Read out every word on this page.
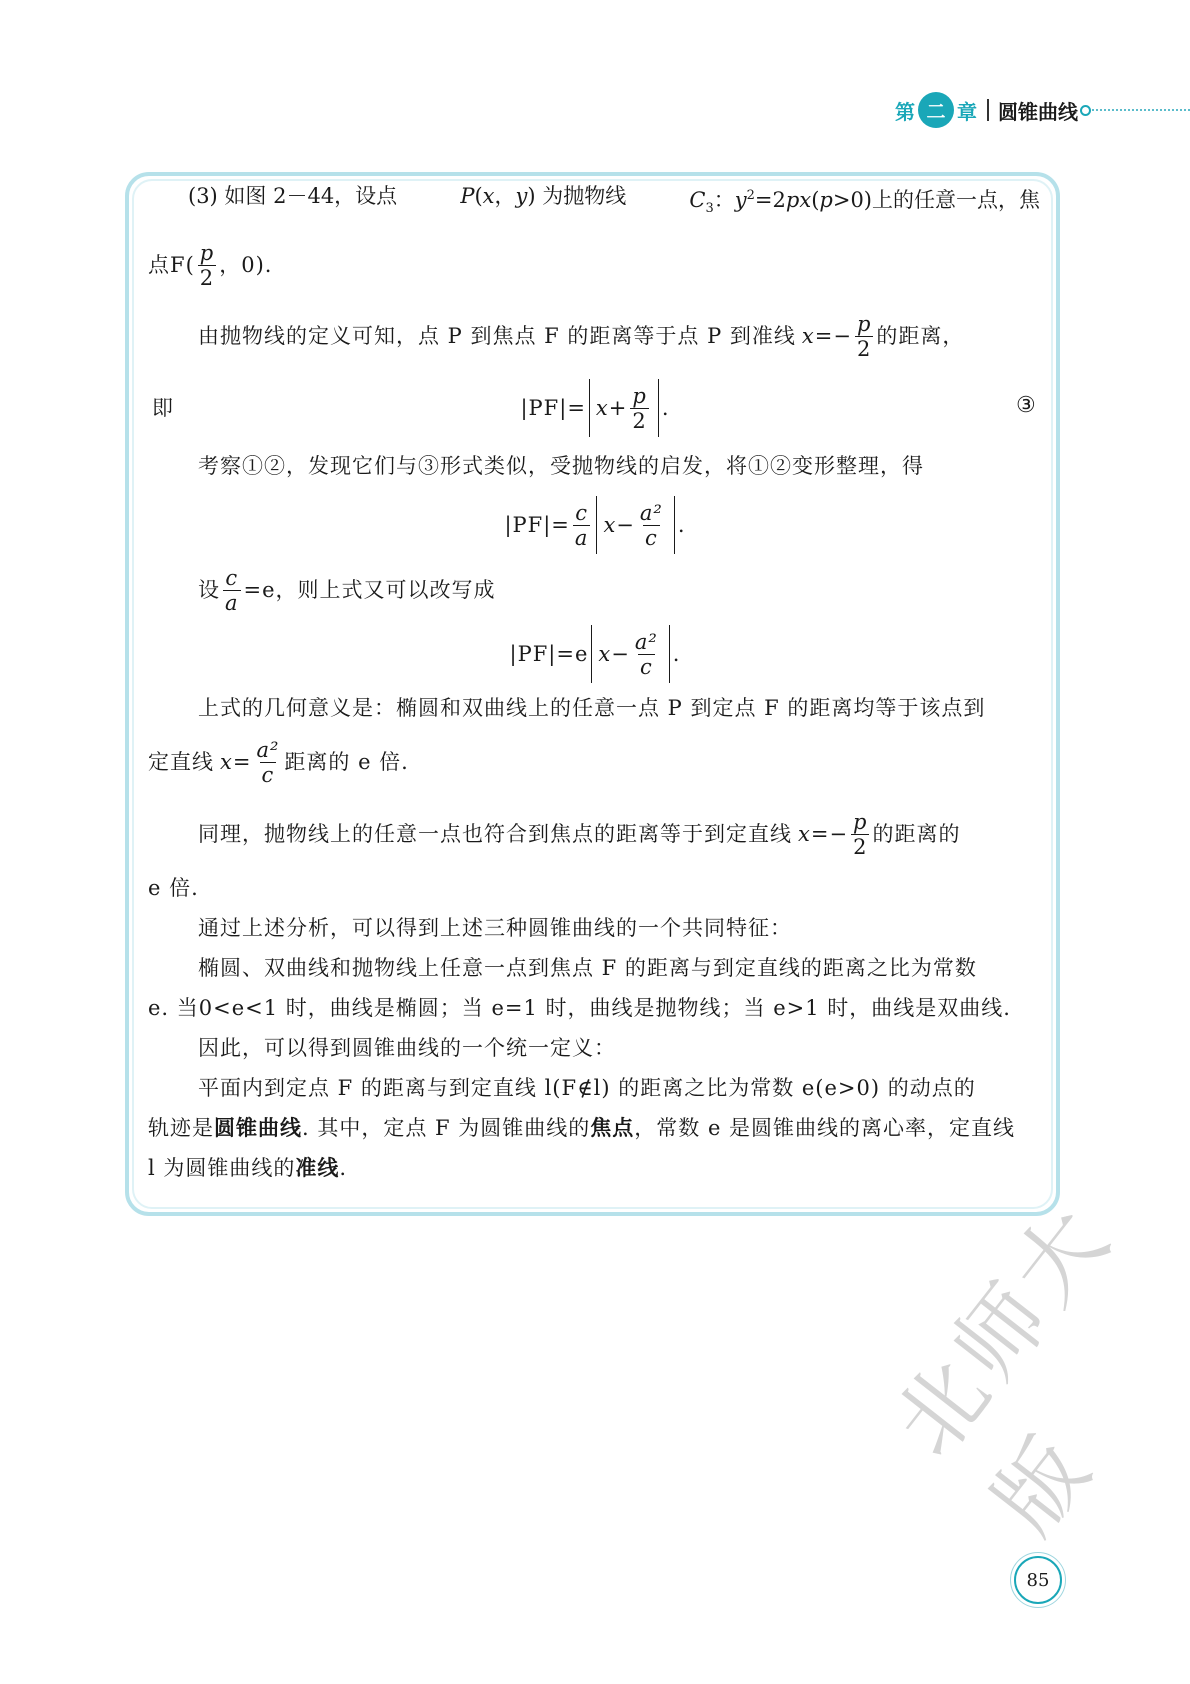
第 二 章 圆锥曲线
(3) 如图 2－44，设点	P(x，y) 为抛物线	$C_3$：$y^2=2px(p>0)$上的任意一点，焦
点$F( \frac{p}{2}$ ，0).
由抛物线的定义可知，点 P 到焦点 F 的距离等于点 P 到准线 $x =- \frac{p}{2}$ 的距离，
即	$|PF|= x + \frac{p}{2}$ .	③
考察①②，发现它们与③形式类似，受抛物线的启发，将①②变形整理，得
$|PF|= \frac{c}{a}$ $x - \frac{\text{a²}}{c}$ .
设 $\frac{c}{a} =e$，则上式又可以改写成
|PF|=e $x - \frac{\text{a²}}{c}$ .
上式的几何意义是：椭圆和双曲线上的任意一点 P 到定点 F 的距离均等于该点到
定直线 $x = \frac{\text{a²}}{c}$ 距离的 e 倍.
同理，抛物线上的任意一点也符合到焦点的距离等于到定直线 $x =- \frac{p}{2}$ 的距离的
e 倍.
通过上述分析，可以得到上述三种圆锥曲线的一个共同特征：
椭圆、双曲线和抛物线上任意一点到焦点 F 的距离与到定直线的距离之比为常数
e. 当0<e<1 时，曲线是椭圆；当 e=1 时，曲线是抛物线；当 e>1 时，曲线是双曲线.
因此，可以得到圆锥曲线的一个统一定义：
平面内到定点 F 的距离与到定直线 l(F∉l) 的距离之比为常数 e(e>0) 的动点的
轨迹是圆锥曲线. 其中，定点 F 为圆锥曲线的焦点，常数 e 是圆锥曲线的离心率，定直线
l 为圆锥曲线的准线.
北师大版
85
